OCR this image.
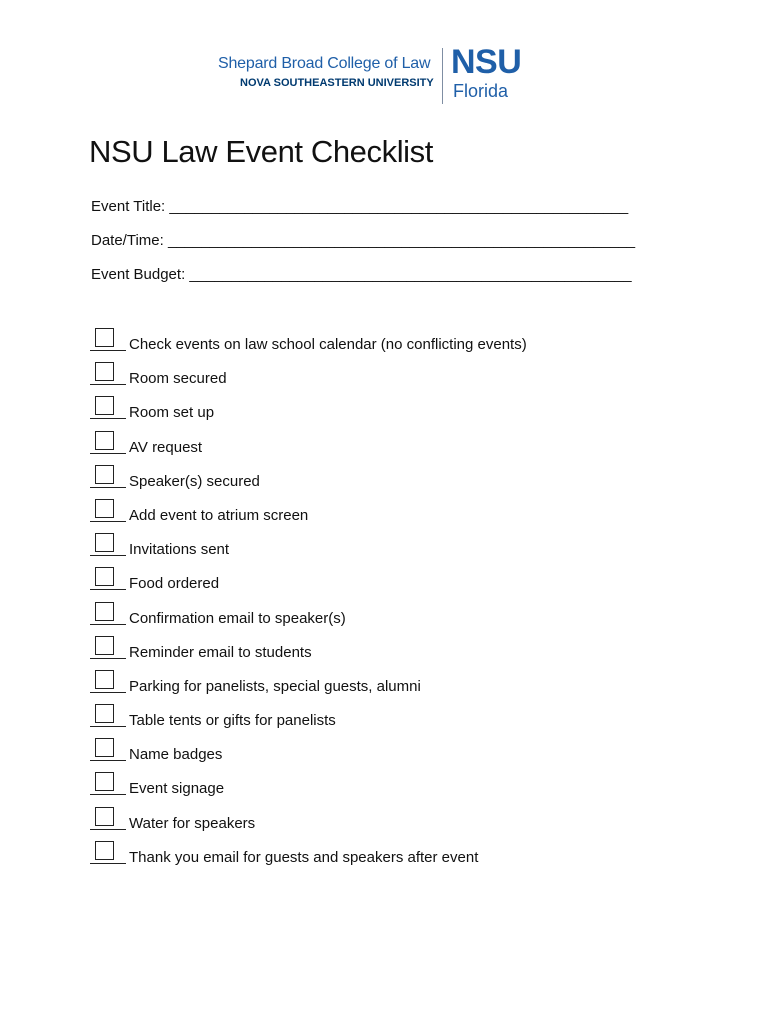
Shepard Broad College of Law
NOVA SOUTHEASTERN UNIVERSITY
NSU
Florida
NSU Law Event Checklist
Event Title: _______________________________________________________
Date/Time: ________________________________________________________
Event Budget: _____________________________________________________
Check events on law school calendar (no conflicting events)
Room secured
Room set up
AV request
Speaker(s) secured
Add event to atrium screen
Invitations sent
Food ordered
Confirmation email to speaker(s)
Reminder email to students
Parking for panelists, special guests, alumni
Table tents or gifts for panelists
Name badges
Event signage
Water for speakers
Thank you email for guests and speakers after event
